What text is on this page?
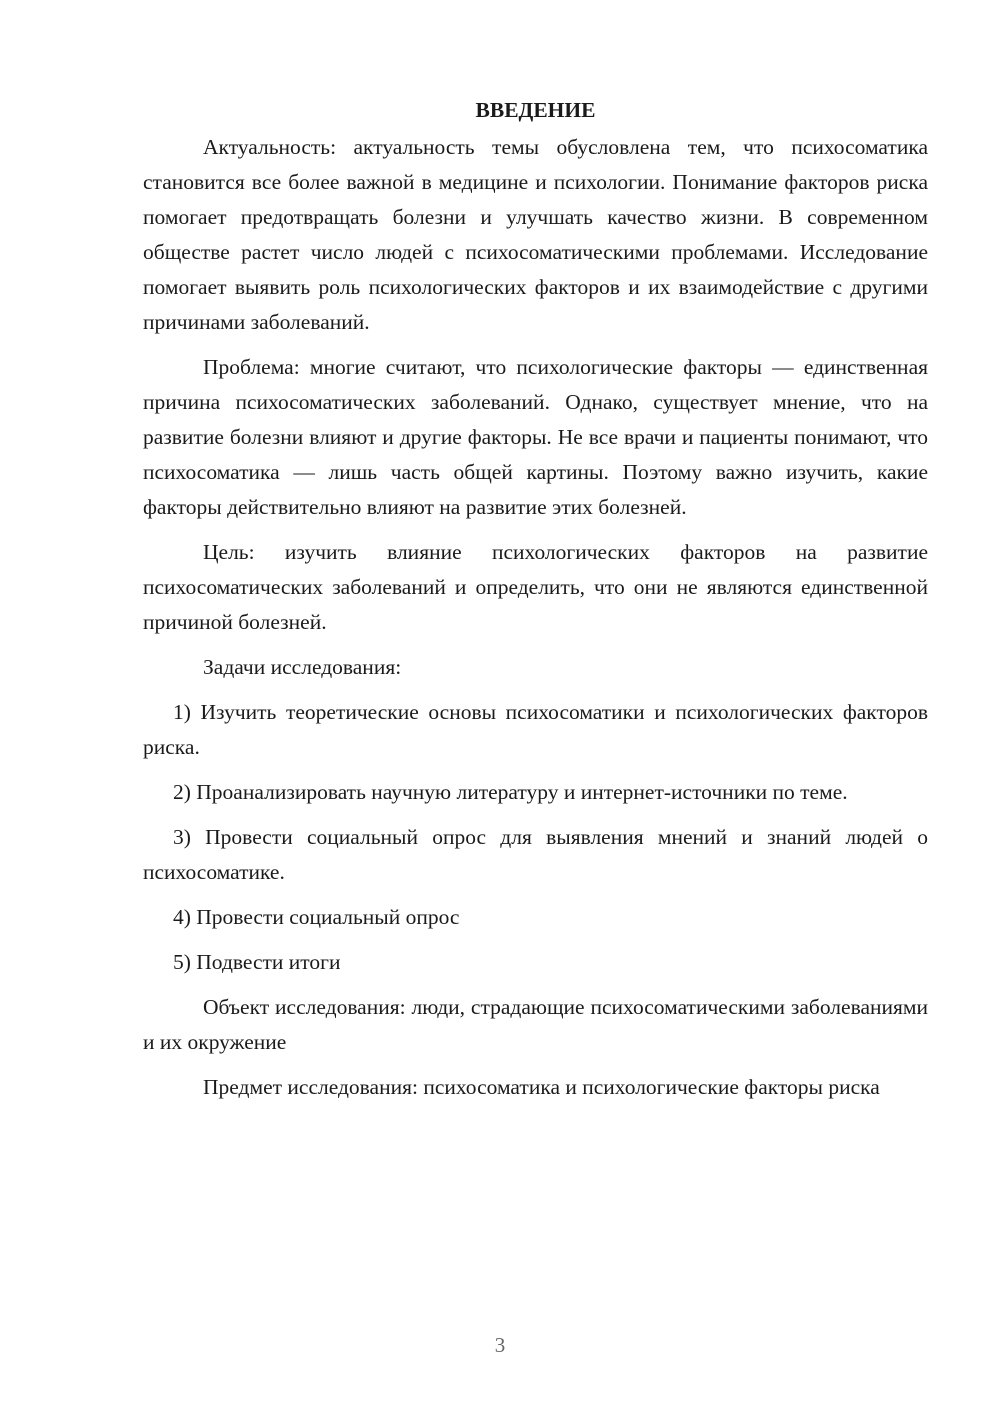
ВВЕДЕНИЕ

Актуальность: актуальность темы обусловлена тем, что психосоматика становится все более важной в медицине и психологии. Понимание факторов риска помогает предотвращать болезни и улучшать качество жизни. В современном обществе растет число людей с психосоматическими проблемами. Исследование помогает выявить роль психологических факторов и их взаимодействие с другими причинами заболеваний.

Проблема: многие считают, что психологические факторы — единственная причина психосоматических заболеваний. Однако, существует мнение, что на развитие болезни влияют и другие факторы. Не все врачи и пациенты понимают, что психосоматика — лишь часть общей картины. Поэтому важно изучить, какие факторы действительно влияют на развитие этих болезней.

Цель: изучить влияние психологических факторов на развитие психосоматических заболеваний и определить, что они не являются единственной причиной болезней.

Задачи исследования:

1) Изучить теоретические основы психосоматики и психологических факторов риска.

2) Проанализировать научную литературу и интернет-источники по теме.

3) Провести социальный опрос для выявления мнений и знаний людей о психосоматике.

4) Провести социальный опрос

5) Подвести итоги

Объект исследования: люди, страдающие психосоматическими заболеваниями и их окружение

Предмет исследования: психосоматика и психологические факторы риска

3
